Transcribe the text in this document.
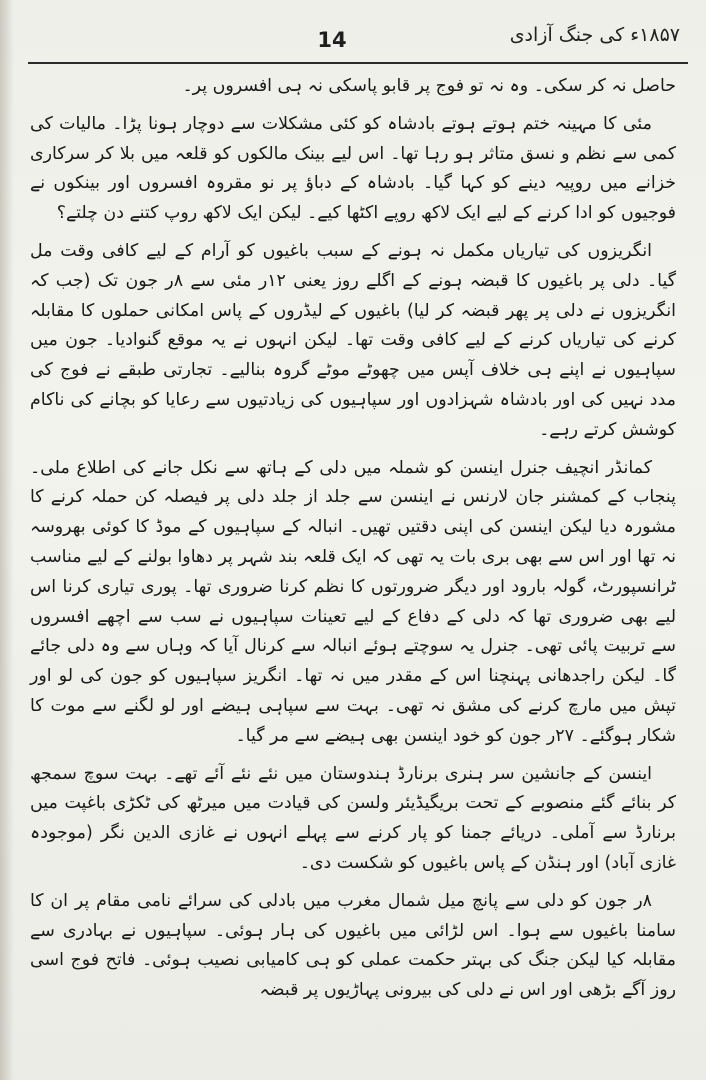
14	۱۸۵۷ء کی جنگ آزادی

حاصل نہ کر سکی۔ وہ نہ تو فوج پر قابو پاسکی نہ ہی افسروں پر۔

مئی کا مہینہ ختم ہوتے ہوتے بادشاہ کو کئی مشکلات سے دوچار ہونا پڑا۔ مالیات کی کمی سے نظم و نسق متاثر ہو رہا تھا۔ اس لیے بینک مالکوں کو قلعہ میں بلا کر سرکاری خزانے میں روپیہ دینے کو کہا گیا۔ بادشاہ کے دباؤ پر نو مقروہ افسروں اور بینکوں نے فوجیوں کو ادا کرنے کے لیے ایک لاکھ روپے اکٹھا کیے۔ لیکن ایک لاکھ روپ کتنے دن چلتے؟

انگریزوں کی تیاریاں مکمل نہ ہونے کے سبب باغیوں کو آرام کے لیے کافی وقت مل گیا۔ دلی پر باغیوں کا قبضہ ہونے کے اگلے روز یعنی ۱۲ر مئی سے ۸ر جون تک (جب کہ انگریزوں نے دلی پر پھر قبضہ کر لیا) باغیوں کے لیڈروں کے پاس امکانی حملوں کا مقابلہ کرنے کی تیاریاں کرنے کے لیے کافی وقت تھا۔ لیکن انہوں نے یہ موقع گنوادیا۔ جون میں سپاہیوں نے اپنے ہی خلاف آپس میں چھوٹے موٹے گروہ بنالیے۔ تجارتی طبقے نے فوج کی مدد نہیں کی اور بادشاہ شہزادوں اور سپاہیوں کی زیادتیوں سے رعایا کو بچانے کی ناکام کوشش کرتے رہے۔

کمانڈر انچیف جنرل اینسن کو شملہ میں دلی کے ہاتھ سے نکل جانے کی اطلاع ملی۔ پنجاب کے کمشنر جان لارنس نے اینسن سے جلد از جلد دلی پر فیصلہ کن حملہ کرنے کا مشورہ دیا لیکن اینسن کی اپنی دقتیں تھیں۔ انبالہ کے سپاہیوں کے موڈ کا کوئی بھروسہ نہ تھا اور اس سے بھی بری بات یہ تھی کہ ایک قلعہ بند شہر پر دھاوا بولنے کے لیے مناسب ٹرانسپورٹ، گولہ بارود اور دیگر ضرورتوں کا نظم کرنا ضروری تھا۔ پوری تیاری کرنا اس لیے بھی ضروری تھا کہ دلی کے دفاع کے لیے تعینات سپاہیوں نے سب سے اچھے افسروں سے تربیت پائی تھی۔ جنرل یہ سوچتے ہوئے انبالہ سے کرنال آیا کہ وہاں سے وہ دلی جائے گا۔ لیکن راجدھانی پہنچنا اس کے مقدر میں نہ تھا۔ انگریز سپاہیوں کو جون کی لو اور تپش میں مارچ کرنے کی مشق نہ تھی۔ بہت سے سپاہی ہیضے اور لو لگنے سے موت کا شکار ہوگئے۔ ۲۷ر جون کو خود اینسن بھی ہیضے سے مر گیا۔

اینسن کے جانشین سر ہنری برنارڈ ہندوستان میں نئے نئے آئے تھے۔ بہت سوچ سمجھ کر بنائے گئے منصوبے کے تحت بریگیڈیئر ولسن کی قیادت میں میرٹھ کی ٹکڑی باغپت میں برنارڈ سے آملی۔ دریائے جمنا کو پار کرنے سے پہلے انہوں نے غازی الدین نگر (موجودہ غازی آباد) اور ہنڈن کے پاس باغیوں کو شکست دی۔

۸ر جون کو دلی سے پانچ میل شمال مغرب میں بادلی کی سرائے نامی مقام پر ان کا سامنا باغیوں سے ہوا۔ اس لڑائی میں باغیوں کی ہار ہوئی۔ سپاہیوں نے بہادری سے مقابلہ کیا لیکن جنگ کی بہتر حکمت عملی کو ہی کامیابی نصیب ہوئی۔ فاتح فوج اسی روز آگے بڑھی اور اس نے دلی کی بیرونی پہاڑیوں پر قبضہ
